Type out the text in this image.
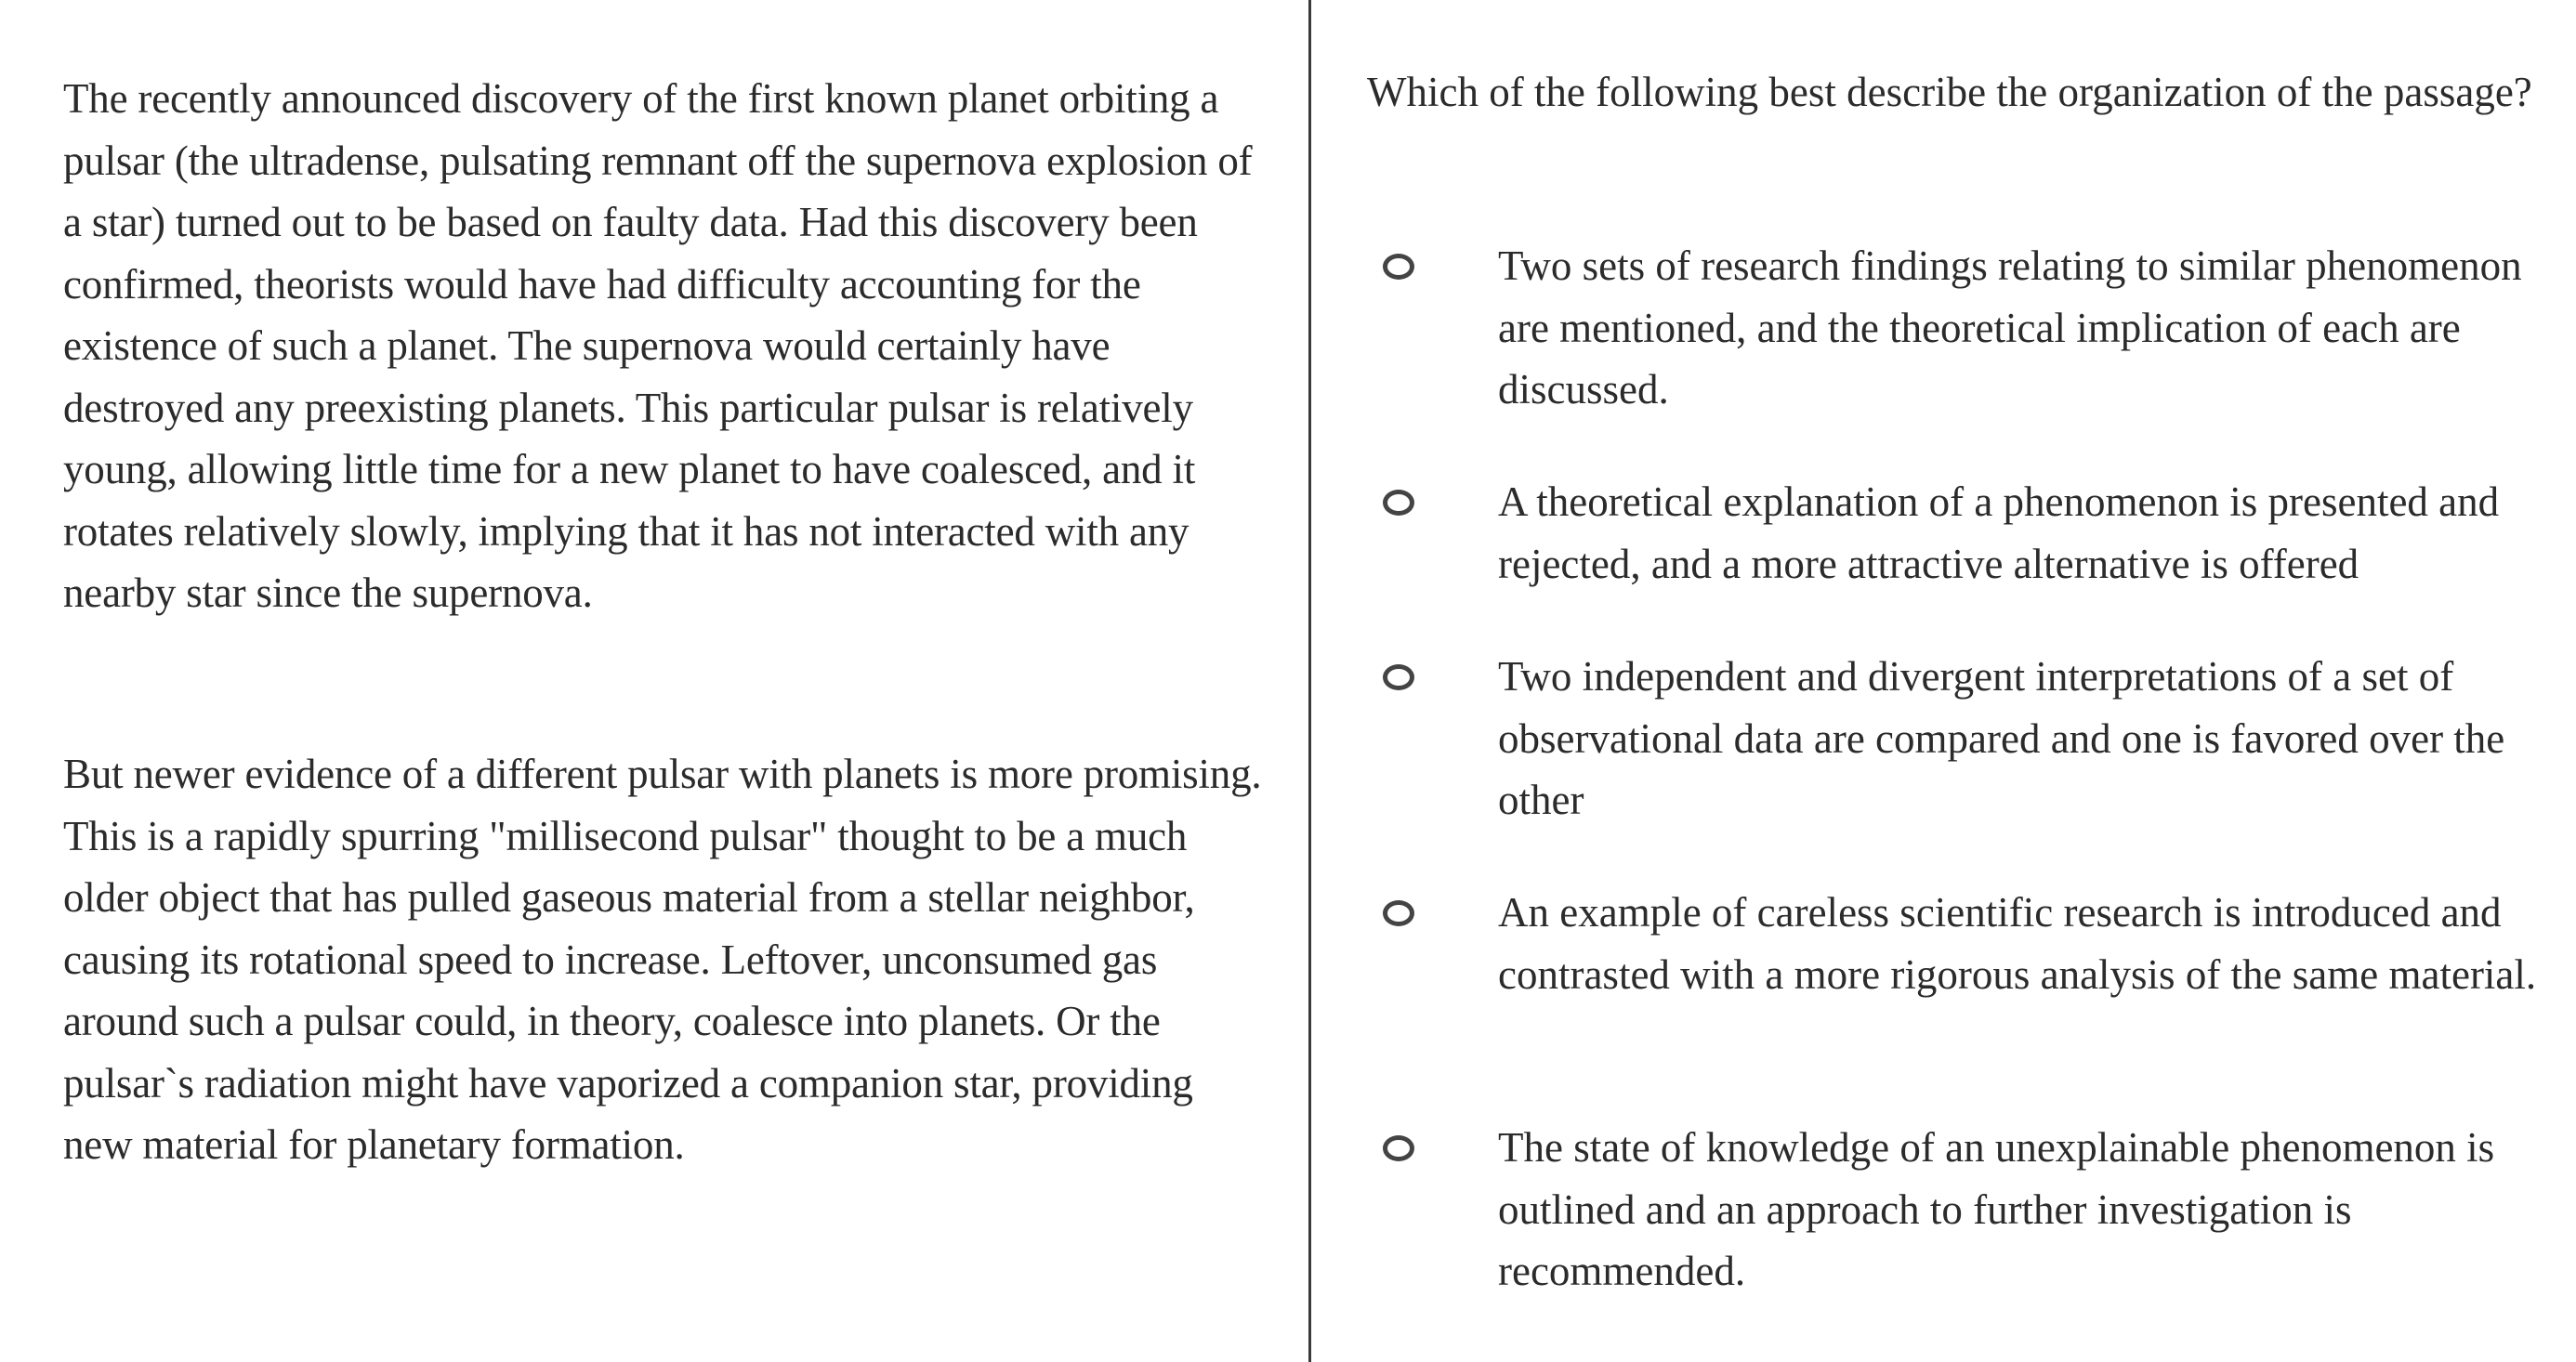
The recently announced discovery of the first known planet orbiting a pulsar (the ultradense, pulsating remnant off the supernova explosion of a star) turned out to be based on faulty data. Had this discovery been confirmed, theorists would have had difficulty accounting for the existence of such a planet. The supernova would certainly have destroyed any preexisting planets. This particular pulsar is relatively young, allowing little time for a new planet to have coalesced, and it rotates relatively slowly, implying that it has not interacted with any nearby star since the supernova.

But newer evidence of a different pulsar with planets is more promising. This is a rapidly spurring "millisecond pulsar" thought to be a much older object that has pulled gaseous material from a stellar neighbor, causing its rotational speed to increase. Leftover, unconsumed gas around such a pulsar could, in theory, coalesce into planets. Or the pulsar`s radiation might have vaporized a companion star, providing new material for planetary formation.

Which of the following best describe the organization of the passage?

Two sets of research findings relating to similar phenomenon are mentioned, and the theoretical implication of each are discussed.

A theoretical explanation of a phenomenon is presented and rejected, and a more attractive alternative is offered

Two independent and divergent interpretations of a set of observational data are compared and one is favored over the other

An example of careless scientific research is introduced and contrasted with a more rigorous analysis of the same material.

The state of knowledge of an unexplainable phenomenon is outlined and an approach to further investigation is recommended.
